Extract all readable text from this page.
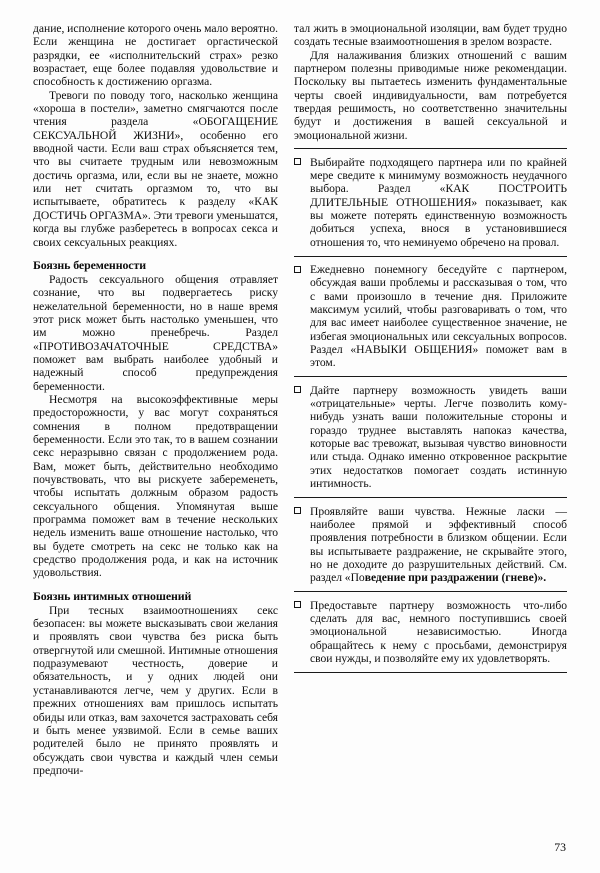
дание, исполнение которого очень мало вероятно. Если женщина не достигает оргастической разрядки, ее «исполнительский страх» резко возрастает, еще более подавляя удовольствие и способность к достижению оргазма.

Тревоги по поводу того, насколько женщина «хороша в постели», заметно смягчаются после чтения раздела «ОБОГАЩЕНИЕ СЕКСУАЛЬНОЙ ЖИЗНИ», особенно его вводной части. Если ваш страх объясняется тем, что вы считаете трудным или невозможным достичь оргазма, или, если вы не знаете, можно или нет считать оргазмом то, что вы испытываете, обратитесь к разделу «КАК ДОСТИЧЬ ОРГАЗМА». Эти тревоги уменьшатся, когда вы глубже разберетесь в вопросах секса и своих сексуальных реакциях.

Боязнь беременности

Радость сексуального общения отравляет сознание, что вы подвергаетесь риску нежелательной беременности, но в наше время этот риск может быть настолько уменьшен, что им можно пренебречь. Раздел «ПРОТИВОЗАЧАТОЧНЫЕ СРЕДСТВА» поможет вам выбрать наиболее удобный и надежный способ предупреждения беременности.

Несмотря на высокоэффективные меры предосторожности, у вас могут сохраняться сомнения в полном предотвращении беременности. Если это так, то в вашем сознании секс неразрывно связан с продолжением рода. Вам, может быть, действительно необходимо почувствовать, что вы рискуете забеременеть, чтобы испытать должным образом радость сексуального общения. Упомянутая выше программа поможет вам в течение нескольких недель изменить ваше отношение настолько, что вы будете смотреть на секс не только как на средство продолжения рода, и как на источник удовольствия.

Боязнь интимных отношений

При тесных взаимоотношениях секс безопасен: вы можете высказывать свои желания и проявлять свои чувства без риска быть отвергнутой или смешной. Интимные отношения подразумевают честность, доверие и обязательность, и у одних людей они устанавливаются легче, чем у других. Если в прежних отношениях вам пришлось испытать обиды или отказ, вам захочется застраховать себя и быть менее уязвимой. Если в семье ваших родителей было не принято проявлять и обсуждать свои чувства и каждый член семьи предпочи-

тал жить в эмоциональной изоляции, вам будет трудно создать тесные взаимоотношения в зрелом возрасте.

Для налаживания близких отношений с вашим партнером полезны приводимые ниже рекомендации. Поскольку вы пытаетесь изменить фундаментальные черты своей индивидуальности, вам потребуется твердая решимость, но соответственно значительны будут и достижения в вашей сексуальной и эмоциональной жизни.

Выбирайте подходящего партнера или по крайней мере сведите к минимуму возможность неудачного выбора. Раздел «КАК ПОСТРОИТЬ ДЛИТЕЛЬНЫЕ ОТНОШЕНИЯ» показывает, как вы можете потерять единственную возможность добиться успеха, внося в установившиеся отношения то, что неминуемо обречено на провал.

Ежедневно понемногу беседуйте с партнером, обсуждая ваши проблемы и рассказывая о том, что с вами произошло в течение дня. Приложите максимум усилий, чтобы разговаривать о том, что для вас имеет наиболее существенное значение, не избегая эмоциональных или сексуальных вопросов. Раздел «НАВЫКИ ОБЩЕНИЯ» поможет вам в этом.

Дайте партнеру возможность увидеть ваши «отрицательные» черты. Легче позволить кому-нибудь узнать ваши положительные стороны и гораздо труднее выставлять напоказ качества, которые вас тревожат, вызывая чувство виновности или стыда. Однако именно откровенное раскрытие этих недостатков помогает создать истинную интимность.

Проявляйте ваши чувства. Нежные ласки — наиболее прямой и эффективный способ проявления потребности в близком общении. Если вы испытываете раздражение, не скрывайте этого, но не доходите до разрушительных действий. См. раздел «Поведение при раздражении (гневе)».

Предоставьте партнеру возможность что-либо сделать для вас, немного поступившись своей эмоциональной независимостью. Иногда обращайтесь к нему с просьбами, демонстрируя свои нужды, и позволяйте ему их удовлетворять.

73
